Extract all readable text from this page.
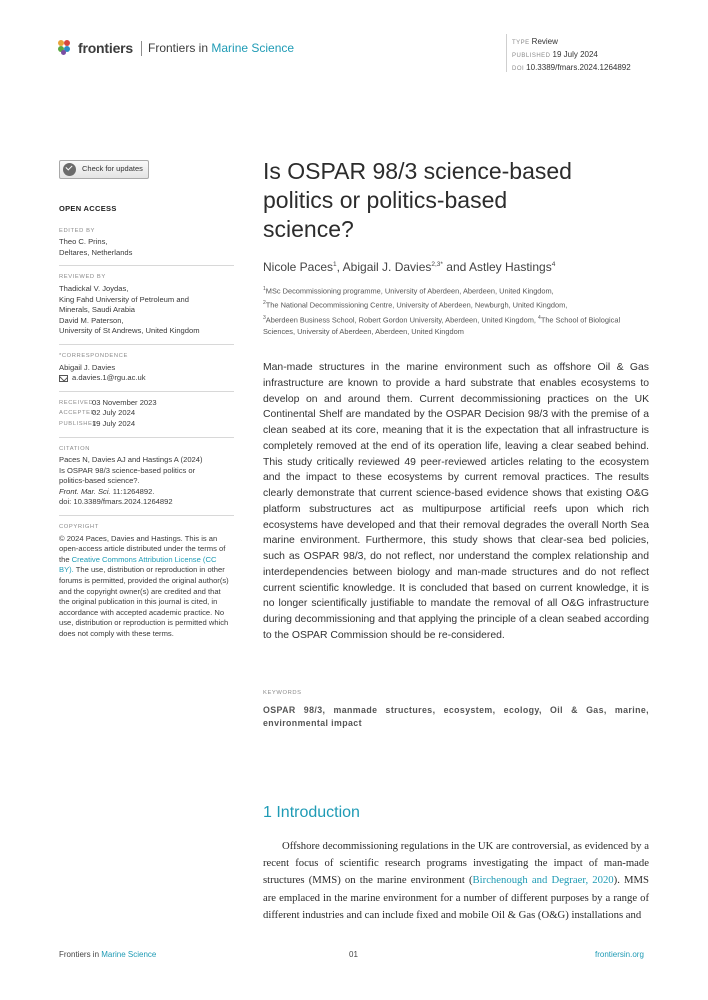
frontiers Frontiers in Marine Science	TYPE Review
PUBLISHED 19 July 2024
DOI 10.3389/fmars.2024.1264892
Check for updates
OPEN ACCESS
EDITED BY
Theo C. Prins,
Deltares, Netherlands
REVIEWED BY
Thadickal V. Joydas,
King Fahd University of Petroleum and
Minerals, Saudi Arabia
David M. Paterson,
University of St Andrews, United Kingdom
*CORRESPONDENCE
Abigail J. Davies
a.davies.1@rgu.ac.uk
RECEIVED
03 November 2023
ACCEPTED
02 July 2024
PUBLISHED
19 July 2024
CITATION
Paces N, Davies AJ and Hastings A (2024)
Is OSPAR 98/3 science-based politics or
politics-based science?.
Front. Mar. Sci. 11:1264892.
doi: 10.3389/fmars.2024.1264892
COPYRIGHT
© 2024 Paces, Davies and Hastings. This is an open-access article distributed under the terms of the Creative Commons Attribution License (CC BY). The use, distribution or reproduction in other forums is permitted, provided the original author(s) and the copyright owner(s) are credited and that the original publication in this journal is cited, in accordance with accepted academic practice. No use, distribution or reproduction is permitted which does not comply with these terms.
Is OSPAR 98/3 science-based politics or politics-based science?
Nicole Paces$^1$, Abigail J. Davies$^{2,3*}$ and Astley Hastings$^4$
$^1$MSc Decommissioning programme, University of Aberdeen, Aberdeen, United Kingdom,
$^2$The National Decommissioning Centre, University of Aberdeen, Newburgh, United Kingdom,
$^3$Aberdeen Business School, Robert Gordon University, Aberdeen, United Kingdom, $^4$The School of Biological Sciences, University of Aberdeen, Aberdeen, United Kingdom

Man-made structures in the marine environment such as offshore Oil & Gas infrastructure are known to provide a hard substrate that enables ecosystems to develop on and around them. Current decommissioning practices on the UK Continental Shelf are mandated by the OSPAR Decision 98/3 with the premise of a clean seabed at its core, meaning that it is the expectation that all infrastructure is completely removed at the end of its operation life, leaving a clear seabed behind. This study critically reviewed 49 peer-reviewed articles relating to the ecosystem and the impact to these ecosystems by current removal practices. The results clearly demonstrate that current science-based evidence shows that existing O&G platform substructures act as multipurpose artificial reefs upon which rich ecosystems have developed and that their removal degrades the overall North Sea marine environment. Furthermore, this study shows that clear-sea bed policies, such as OSPAR 98/3, do not reflect, nor understand the complex relationship and interdependencies between biology and man-made structures and do not reflect current scientific knowledge. It is concluded that based on current knowledge, it is no longer scientifically justifiable to mandate the removal of all O&G infrastructure during decommissioning and that applying the principle of a clean seabed according to the OSPAR Commission should be re-considered.

KEYWORDS
OSPAR 98/3, manmade structures, ecosystem, ecology, Oil & Gas, marine, environmental impact
1 Introduction

Offshore decommissioning regulations in the UK are controversial, as evidenced by a recent focus of scientific research programs investigating the impact of man-made structures (MMS) on the marine environment (Birchenough and Degraer, 2020). MMS are emplaced in the marine environment for a number of different purposes by a range of different industries and can include fixed and mobile Oil & Gas (O&G) installations and

Frontiers in Marine Science	01	frontiersin.org
